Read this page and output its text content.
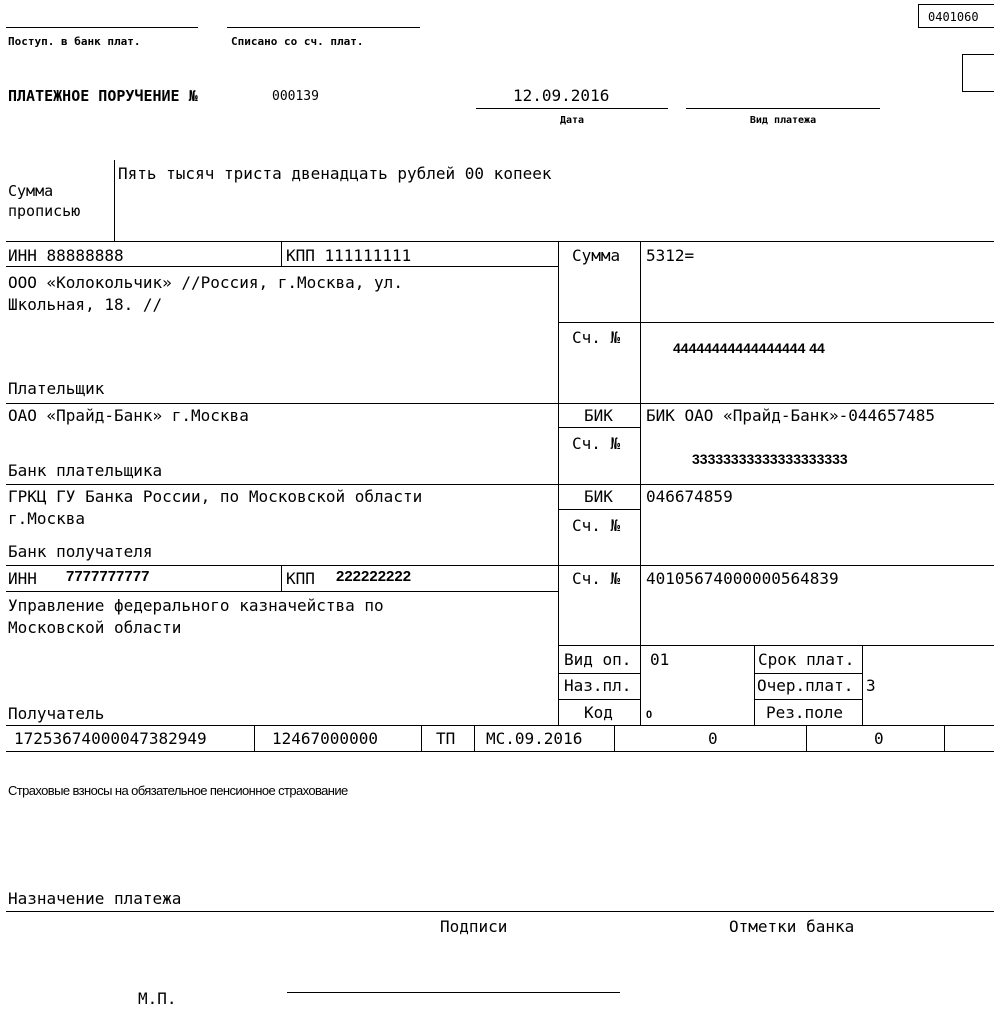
0401060
Поступ. в банк плат.	Списано со сч. плат.
ПЛАТЕЖНОЕ ПОРУЧЕНИЕ №	000139	12.09.2016
Дата	Вид платежа
Сумма
прописью
Пять тысяч триста двенадцать рублей 00 копеек
ИНН 88888888	КПП 111111111
ООО «Колокольчик» //Россия, г.Москва, ул.
Школьная, 18. //
Плательщик
Сумма 5312=
Сч. №
44444444444444444 44
ОАО «Прайд-Банк» г.Москва
Банк плательщика
БИК БИК ОАО «Прайд-Банк»-044657485
Сч. №
33333333333333333333
ГРКЦ ГУ Банка России, по Московской области
г.Москва
Банк получателя
БИК 046674859
Сч. №
ИНН 7777777777	КПП 222222222	Сч. № 40105674000000564839
Управление федерального казначейства по
Московской области
Получатель
Вид оп. 01	Срок плат.
Наз.пл.	Очер.плат. 3
Код	0	Рез.поле
17253674000047382949	12467000000	ТП МС.09.2016	0	0
Страховые взносы на обязательное пенсионное страхование
Назначение платежа
Подписи	Отметки банка
М.П.
